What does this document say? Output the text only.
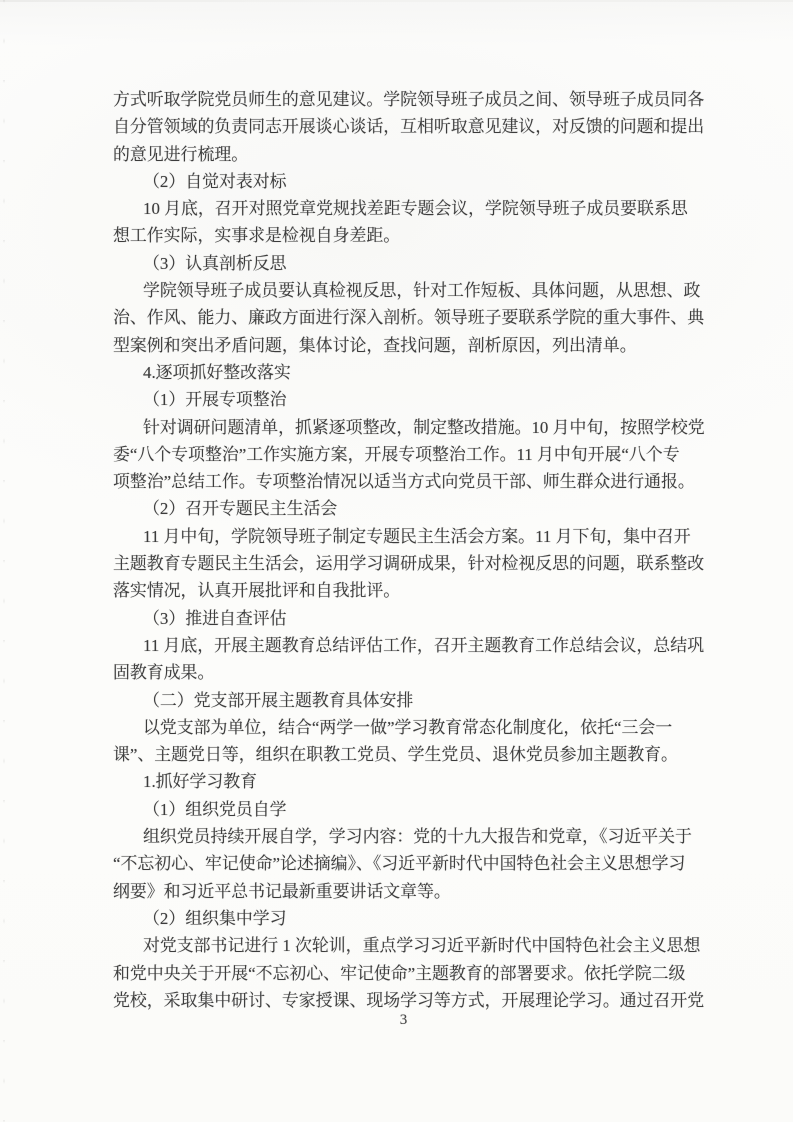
方式听取学院党员师生的意见建议。学院领导班子成员之间、领导班子成员同各
自分管领域的负责同志开展谈心谈话，互相听取意见建议，对反馈的问题和提出
的意见进行梳理。
（2）自觉对表对标
10 月底，召开对照党章党规找差距专题会议，学院领导班子成员要联系思
想工作实际，实事求是检视自身差距。
（3）认真剖析反思
学院领导班子成员要认真检视反思，针对工作短板、具体问题，从思想、政
治、作风、能力、廉政方面进行深入剖析。领导班子要联系学院的重大事件、典
型案例和突出矛盾问题，集体讨论，查找问题，剖析原因，列出清单。
4.逐项抓好整改落实
（1）开展专项整治
针对调研问题清单，抓紧逐项整改，制定整改措施。10 月中旬，按照学校党
委“八个专项整治”工作实施方案，开展专项整治工作。11 月中旬开展“八个专
项整治”总结工作。专项整治情况以适当方式向党员干部、师生群众进行通报。
（2）召开专题民主生活会
11 月中旬，学院领导班子制定专题民主生活会方案。11 月下旬，集中召开
主题教育专题民主生活会，运用学习调研成果，针对检视反思的问题，联系整改
落实情况，认真开展批评和自我批评。
（3）推进自查评估
11 月底，开展主题教育总结评估工作，召开主题教育工作总结会议，总结巩
固教育成果。
（二）党支部开展主题教育具体安排
以党支部为单位，结合“两学一做”学习教育常态化制度化，依托“三会一
课”、主题党日等，组织在职教工党员、学生党员、退休党员参加主题教育。
1.抓好学习教育
（1）组织党员自学
组织党员持续开展自学，学习内容：党的十九大报告和党章，《习近平关于
“不忘初心、牢记使命”论述摘编》、《习近平新时代中国特色社会主义思想学习
纲要》和习近平总书记最新重要讲话文章等。
（2）组织集中学习
对党支部书记进行 1 次轮训，重点学习习近平新时代中国特色社会主义思想
和党中央关于开展“不忘初心、牢记使命”主题教育的部署要求。依托学院二级
党校，采取集中研讨、专家授课、现场学习等方式，开展理论学习。通过召开党
3
